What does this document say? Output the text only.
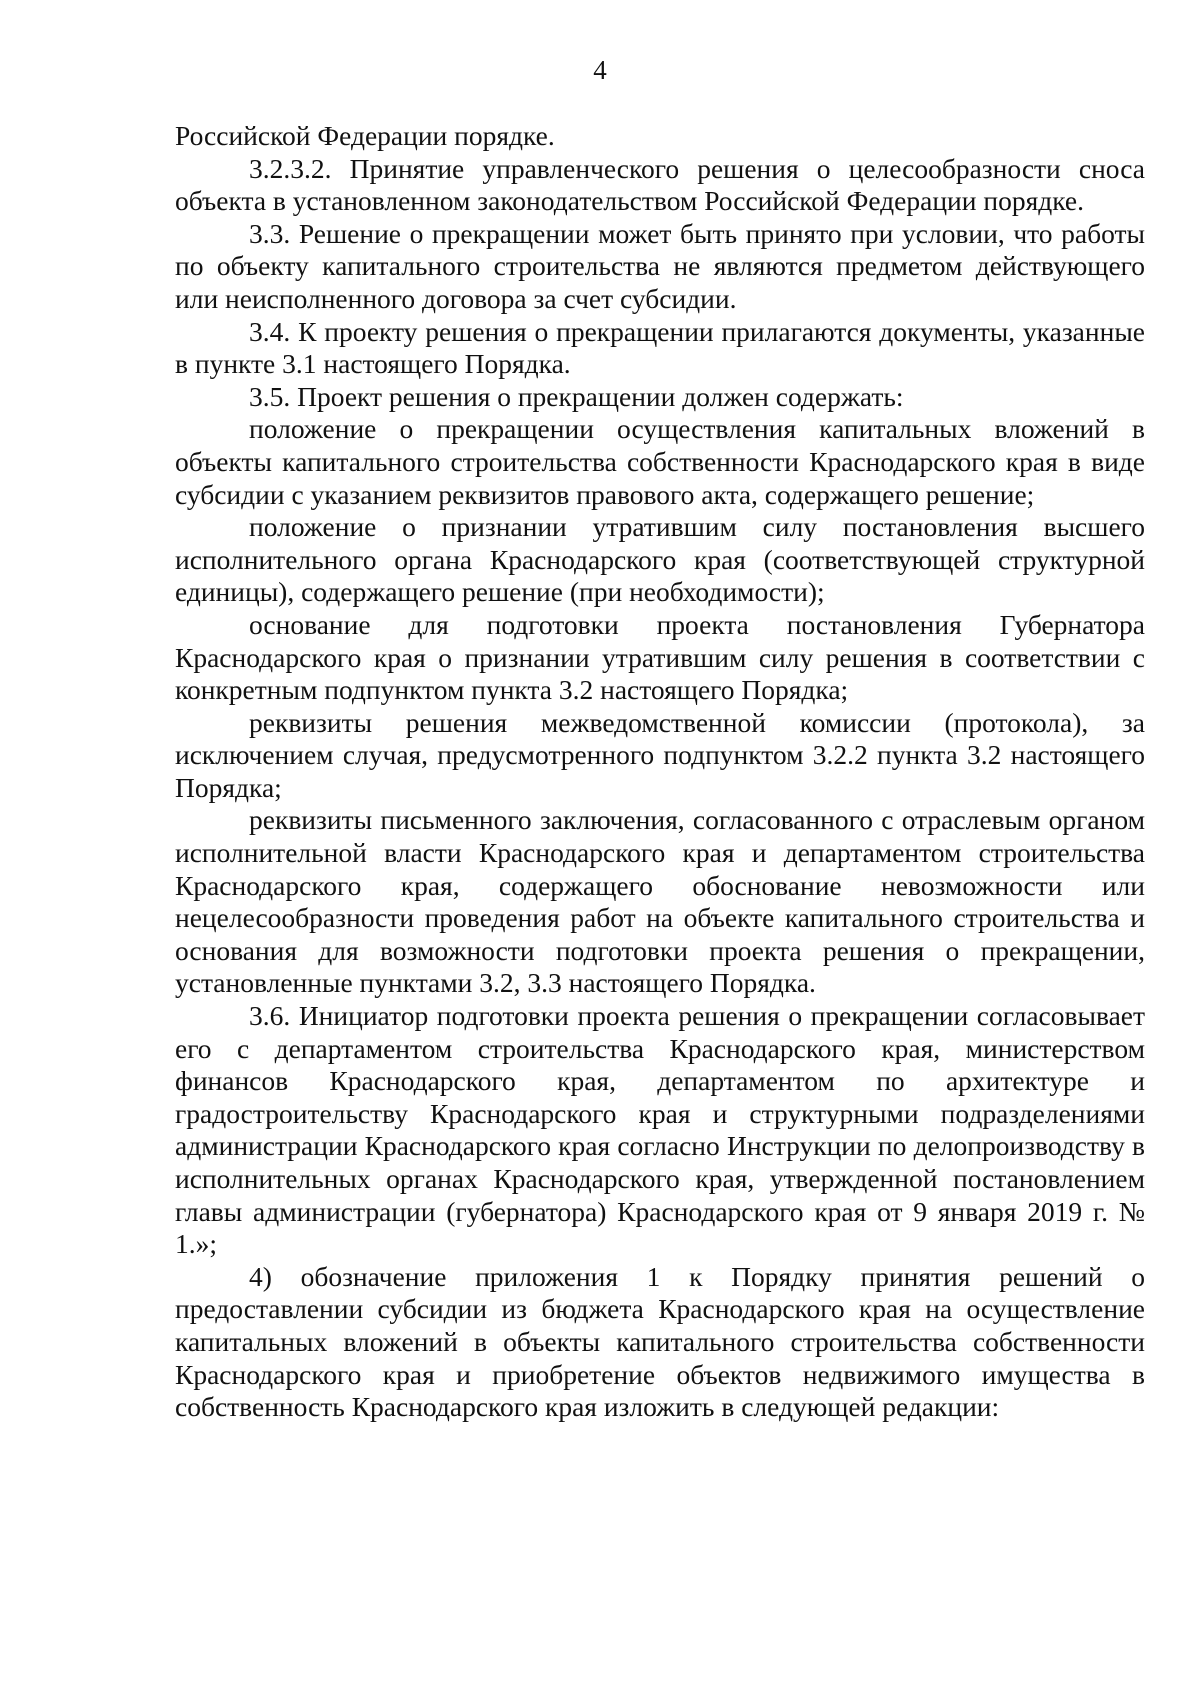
4

Российской Федерации порядке.

3.2.3.2. Принятие управленческого решения о целесообразности сноса объекта в установленном законодательством Российской Федерации порядке.

3.3. Решение о прекращении может быть принято при условии, что работы по объекту капитального строительства не являются предметом действующего или неисполненного договора за счет субсидии.

3.4. К проекту решения о прекращении прилагаются документы, указанные в пункте 3.1 настоящего Порядка.

3.5. Проект решения о прекращении должен содержать:

положение о прекращении осуществления капитальных вложений в объекты капитального строительства собственности Краснодарского края в виде субсидии с указанием реквизитов правового акта, содержащего решение;

положение о признании утратившим силу постановления высшего исполнительного органа Краснодарского края (соответствующей структурной единицы), содержащего решение (при необходимости);

основание для подготовки проекта постановления Губернатора Краснодарского края о признании утратившим силу решения в соответствии с конкретным подпунктом пункта 3.2 настоящего Порядка;

реквизиты решения межведомственной комиссии (протокола), за исключением случая, предусмотренного подпунктом 3.2.2 пункта 3.2 настоящего Порядка;

реквизиты письменного заключения, согласованного с отраслевым органом исполнительной власти Краснодарского края и департаментом строительства Краснодарского края, содержащего обоснование невозможности или нецелесообразности проведения работ на объекте капитального строительства и основания для возможности подготовки проекта решения о прекращении, установленные пунктами 3.2, 3.3 настоящего Порядка.

3.6. Инициатор подготовки проекта решения о прекращении согласовывает его с департаментом строительства Краснодарского края, министерством финансов Краснодарского края, департаментом по архитектуре и градостроительству Краснодарского края и структурными подразделениями администрации Краснодарского края согласно Инструкции по делопроизводству в исполнительных органах Краснодарского края, утвержденной постановлением главы администрации (губернатора) Краснодарского края от 9 января 2019 г. № 1.»;

4) обозначение приложения 1 к Порядку принятия решений о предоставлении субсидии из бюджета Краснодарского края на осуществление капитальных вложений в объекты капитального строительства собственности Краснодарского края и приобретение объектов недвижимого имущества в собственность Краснодарского края изложить в следующей редакции:
